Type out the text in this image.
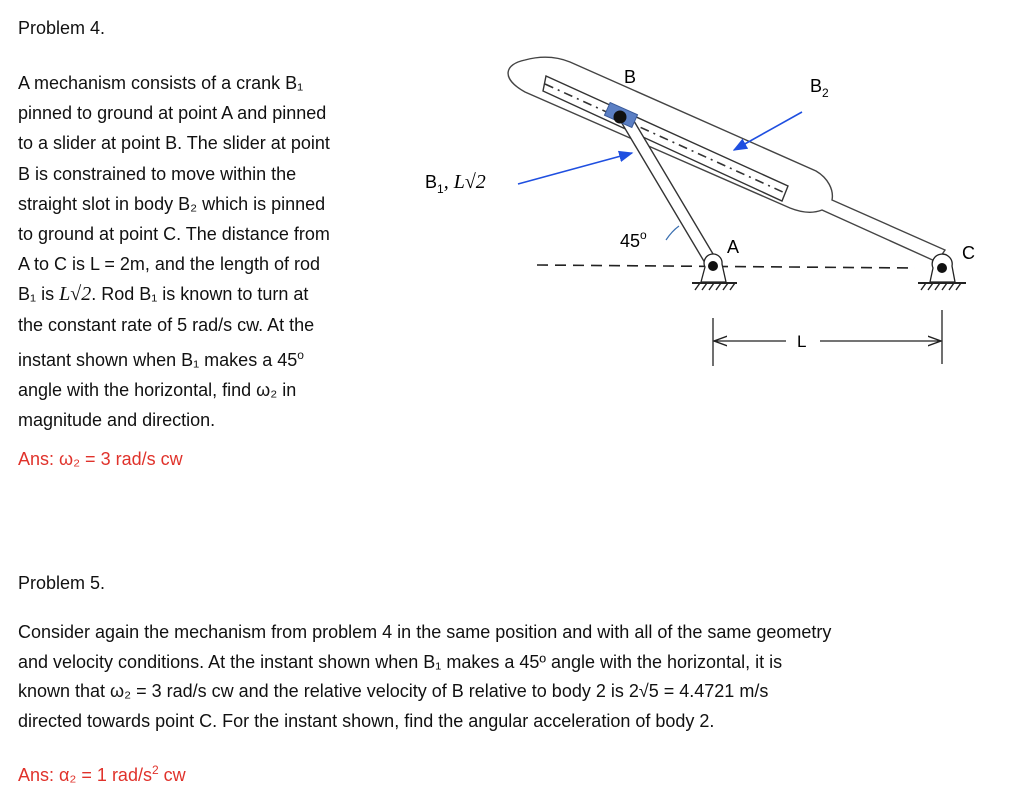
Problem 4.
A mechanism consists of a crank B₁
pinned to ground at point A and pinned
to a slider at point B. The slider at point
B is constrained to move within the
straight slot in body B₂ which is pinned
to ground at point C. The distance from
A to C is L = 2m, and the length of rod
B₁ is L√2. Rod B₁ is known to turn at
the constant rate of 5 rad/s cw. At the
instant shown when B₁ makes a 45$^o$
angle with the horizontal, find ω₂ in
magnitude and direction.
Ans: ω₂ = 3 rad/s cw
B	$B_2$
$B_1$, L√2
45$^o$
A	C
L
Problem 5.
Consider again the mechanism from problem 4 in the same position and with all of the same geometry
and velocity conditions. At the instant shown when B₁ makes a 45º angle with the horizontal, it is
known that ω₂ = 3 rad/s cw and the relative velocity of B relative to body 2 is 2√5 = 4.4721 m/s
directed towards point C. For the instant shown, find the angular acceleration of body 2.
Ans: α₂ = 1 rad/$s^2$ cw
